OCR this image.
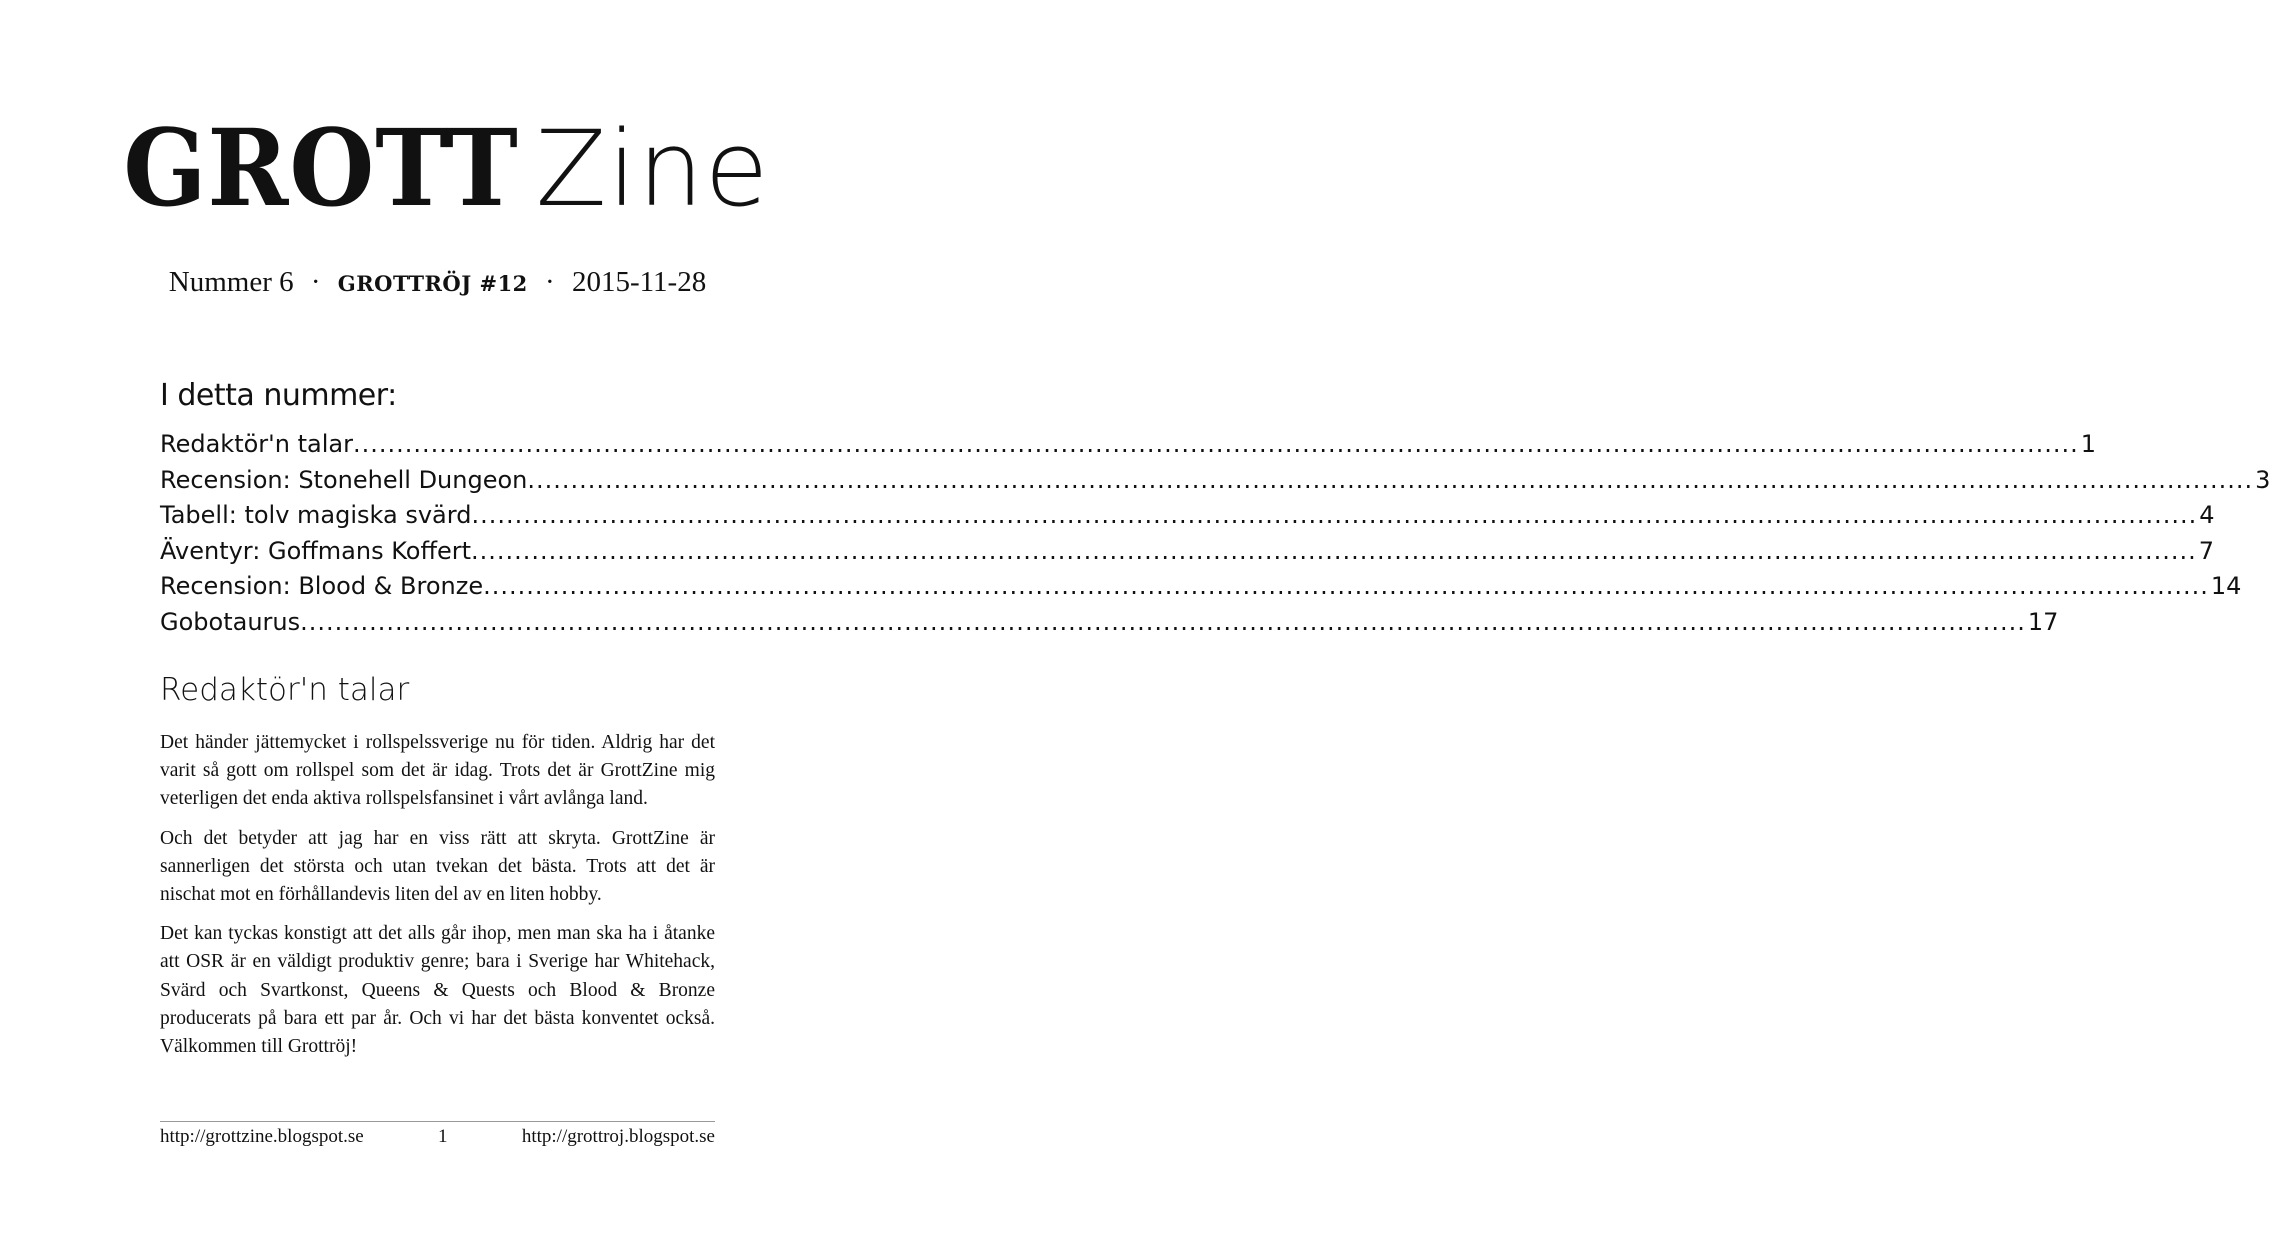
GROTT Zine
Nummer 6 · GROTTRÖJ #12 · 2015-11-28
I detta nummer:
Redaktör'n talar ........................................................................................................................................................................................................ 1
Recension: Stonehell Dungeon ........................................................................................................................................................................................................ 3
Tabell: tolv magiska svärd ........................................................................................................................................................................................................ 4
Äventyr: Goffmans Koffert ........................................................................................................................................................................................................ 7
Recension: Blood & Bronze ........................................................................................................................................................................................................ 14
Gobotaurus ........................................................................................................................................................................................................ 17
Redaktör'n talar

Det händer jättemycket i rollspelssverige nu för tiden. Aldrig har det varit så gott om rollspel som det är idag. Trots det är GrottZine mig veterligen det enda aktiva rollspelsfansinet i vårt avlånga land.

Och det betyder att jag har en viss rätt att skryta. GrottZine är sannerligen det största och utan tvekan det bästa. Trots att det är nischat mot en förhållandevis liten del av en liten hobby.

Det kan tyckas konstigt att det alls går ihop, men man ska ha i åtanke att OSR är en väldigt produktiv genre; bara i Sverige har Whitehack, Svärd och Svartkonst, Queens & Quests och Blood & Bronze producerats på bara ett par år. Och vi har det bästa konventet också. Välkommen till Grottröj!

http://grottzine.blogspot.se	1	http://grottroj.blogspot.se
